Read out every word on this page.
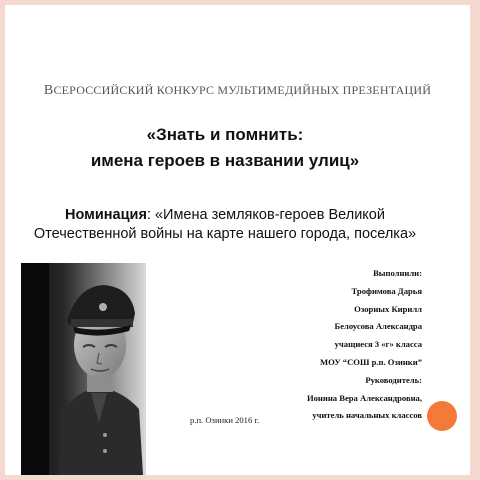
ВСЕРОССИЙСКИЙ КОНКУРС МУЛЬТИМЕДИЙНЫХ ПРЕЗЕНТАЦИЙ
«Знать и помнить:
имена героев в названии улиц»
Номинация: «Имена земляков-героев Великой
Отечественной войны на карте нашего города, поселка»
Выполнили:
Трофимова Дарья
Озорных Кирилл
Белоусова Александра
учащиеся 3 «г» класса
МОУ “СОШ р.п. Озинки”
Руководитель:
Ионина Вера Александровна,
учитель начальных классов
р.п. Озинки 2016 г.
